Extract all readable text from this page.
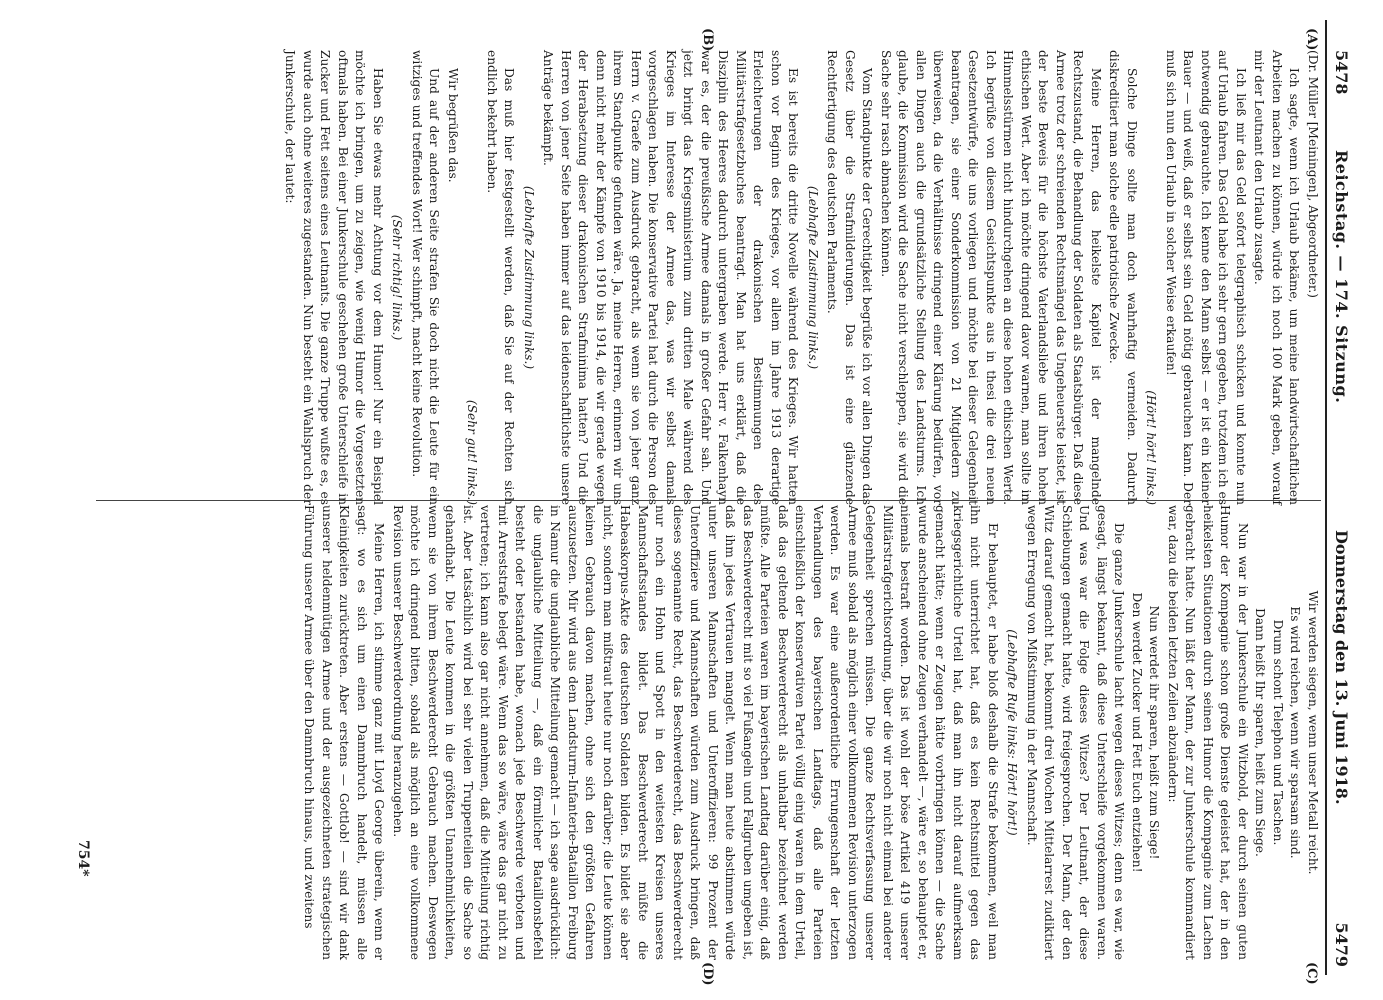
5478
Reichstag. — 174. Sitzung.
Donnerstag den 13. Juni 1918.
5479
(A)
(B)
(C)
(D)

(Dr. Müller [Meiningen], Abgeordneter.)

Ich sagte, wenn ich Urlaub bekäme, um meine landwirtschaftlichen Arbeiten machen zu können, würde ich noch 100 Mark geben, worauf mir der Leutnant den Urlaub zusagte.

Ich ließ mir das Geld sofort telegraphisch schicken und konnte nun auf Urlaub fahren. Das Geld habe ich sehr gern gegeben, trotzdem ich es notwendig gebrauchte. Ich kenne den Mann selbst — er ist ein kleiner Bauer — und weiß, daß er selbst sein Geld nötig gebrauchen kann. Der muß sich nun den Urlaub in solcher Weise erkaufen!

(Hört! hört! links.)

Solche Dinge sollte man doch wahrhaftig vermeiden. Dadurch diskreditiert man solche edle patriotische Zwecke.

Meine Herren, das heikelste Kapitel ist der mangelnde Rechtszustand, die Behandlung der Soldaten als Staatsbürger. Daß diese Armee trotz der schreienden Rechtsmängel das Ungeheuerste leistet, ist der beste Beweis für die höchste Vaterlandsliebe und ihren hohen ethischen Wert. Aber ich möchte dringend davor warnen, man sollte im Himmelsstürmen nicht hindurchgehen an diese hohen ethischen Werte. Ich begrüße von diesem Gesichtspunkte aus in thesi die drei neuen Gesetzentwürfe, die uns vorliegen und möchte bei dieser Gelegenheit beantragen, sie einer Sonderkommission von 21 Mitgliedern zu überweisen, da die Verhältnisse dringend einer Klärung bedürfen, vor allen Dingen auch die grundsätzliche Stellung des Landsturms. Ich glaube, die Kommission wird die Sache nicht verschleppen, sie wird die Sache sehr rasch abmachen können.

Vom Standpunkte der Gerechtigkeit begrüße ich vor allen Dingen das Gesetz über die Strafmilderungen. Das ist eine glänzende Rechtfertigung des deutschen Parlaments.

(Lebhafte Zustimmung links.)

Es ist bereits die dritte Novelle während des Krieges. Wir hatten schon vor Beginn des Krieges, vor allem im Jahre 1913 derartige Erleichterungen der drakonischen Bestimmungen des Militärstrafgesetzbuches beantragt. Man hat uns erklärt, daß die Disziplin des Heeres dadurch untergraben werde. Herr v. Falkenhayn war es, der die preußische Armee damals in großer Gefahr sah. Und jetzt bringt das Kriegsministerium zum dritten Male während des Krieges im Interesse der Armee das, was wir selbst damals vorgeschlagen haben. Die konservative Partei hat durch die Person des Herrn v. Graefe zum Ausdruck gebracht, als wenn sie von jeher ganz ihrem Standpunkte gefunden wäre. Ja, meine Herren, erinnern wir uns denn nicht mehr der Kämpfe von 1910 bis 1914, die wir gerade wegen der Herabsetzung dieser drakonischen Strafminima hatten? Und die Herren von jener Seite haben immer auf das leidenschaftlichste unsere Anträge bekämpft.

(Lebhafte Zustimmung links.)

Das muß hier festgestellt werden, daß Sie auf der Rechten sich endlich bekehrt haben.

(Sehr gut! links.)

Wir begrüßen das.

Und auf der anderen Seite strafen Sie doch nicht die Leute für ein witziges und treffendes Wort! Wer schimpft, macht keine Revolution.

(Sehr richtig! links.)

Haben Sie etwas mehr Achtung vor dem Humor! Nur ein Beispiel möchte ich bringen, um zu zeigen, wie wenig Humor die Vorgesetzten oftmals haben. Bei einer Junkerschule geschehen große Unterschleife in Zucker und Fett seitens eines Leutnants. Die ganze Truppe wußte es, es wurde auch ohne weiteres zugestanden. Nun besteht ein Wahlspruch der Junkerschule, der lautet:

Wir werden siegen, wenn unser Metall reicht.

Es wird reichen, wenn wir sparsam sind.

Drum schont Telephon und Taschen.

Dann heißt Ihr sparen, heißt zum Siege.

Nun war in der Junkerschule ein Witzbold, der durch seinen guten Humor der Kompagnie schon große Dienste geleistet hat, der in den heikelsten Situationen durch seinen Humor die Kompagnie zum Lachen gebracht hatte. Nun läßt der Mann, der zur Junkerschule kommandiert war, dazu die beiden letzten Zeilen abzuändern:

Nun werdet ihr sparen, heißt zum Siege!

Den werdet Zucker und Fett Euch entziehen!

Die ganze Junkerschule lacht wegen dieses Witzes; denn es war, wie gesagt, längst bekannt, daß diese Unterschleife vorgekommen waren. Und was war die Folge dieses Witzes? Der Leutnant, der diese Schiebungen gemacht hatte, wird freigesprochen. Der Mann, der den Witz darauf gemacht hat, bekommt drei Wochen Mittelarrest zudiktiert wegen Erregung von Mißstimmung in der Mannschaft.

(Lebhafte Rufe links: Hört! hört!)

Er behauptet, er habe bloß deshalb die Strafe bekommen, weil man ihn nicht unterrichtet hat, daß es kein Rechtsmittel gegen das kriegsgerichtliche Urteil hat, daß man ihn nicht darauf aufmerksam gemacht hätte; wenn er Zeugen hätte vorbringen können — die Sache wurde anscheinend ohne Zeugen verhandelt —, wäre er, so behauptet er, niemals bestraft worden. Das ist wohl der böse Artikel 419 unserer Militärstrafgerichtsordnung, über die wir noch nicht einmal bei anderer Gelegenheit sprechen müssen. Die ganze Rechtsverfassung unserer Armee muß sobald als möglich einer vollkommenen Revision unterzogen werden. Es war eine außerordentliche Errungenschaft der letzten Verhandlungen des bayerischen Landtags, daß alle Parteien einschließlich der konservativen Partei völlig einig waren in dem Urteil, daß das geltende Beschwerderecht als unhaltbar bezeichnet werden müßte. Alle Parteien waren im bayerischen Landtag darüber einig, daß das Beschwerderecht mit so viel Fußangeln und Fallgruben umgeben ist, daß ihm jedes Vertrauen mangelt. Wenn man heute abstimmen würde unter unseren Mannschaften und Unteroffizieren: 99 Prozent der Unteroffiziere und Mannschaften würden zum Ausdruck bringen, daß dieses sogenannte Recht, das Beschwerderecht, das Beschwerderecht nur noch ein Hohn und Spott in den weitesten Kreisen unseres Mannschaftsstandes bildet. Das Beschwerderecht müßte die Habeaskorpus-Akte des deutschen Soldaten bilden. Es bildet sie aber nicht, sondern man mißtraut heute nur noch darüber; die Leute können keinen Gebrauch davon machen, ohne sich den größten Gefahren auszusetzen. Mir wird aus dem Landsturm-Infanterie-Bataillon Freiburg in Namur die unglaubliche Mitteilung gemacht — ich sage ausdrücklich: die unglaubliche Mitteilung —, daß ein förmlicher Bataillonsbefehl besteht oder bestanden habe, wonach jede Beschwerde verboten und mit Arreststrafe belegt wäre. Wenn das so wäre, wäre das gar nicht zu vertreten; ich kann also gar nicht annehmen, daß die Mitteilung richtig ist. Aber tatsächlich wird bei sehr vielen Truppenteilen die Sache so gehandhabt. Die Leute kommen in die größten Unannehmlichkeiten, wenn sie von ihrem Beschwerderecht Gebrauch machen. Deswegen möchte ich dringend bitten, sobald als möglich an eine vollkommene Revision unserer Beschwerdeordnung heranzugehen.

Meine Herren, ich stimme ganz mit Lloyd George überein, wenn er sagt: wo es sich um einen Dammbruch handelt, müssen alle Kleinigkeiten zurücktreten. Aber erstens — Gottlob! — sind wir dank unserer heldenmütigen Armee und der ausgezeichneten strategischen Führung unserer Armee über den Dammbruch hinaus, und zweitens

754*
